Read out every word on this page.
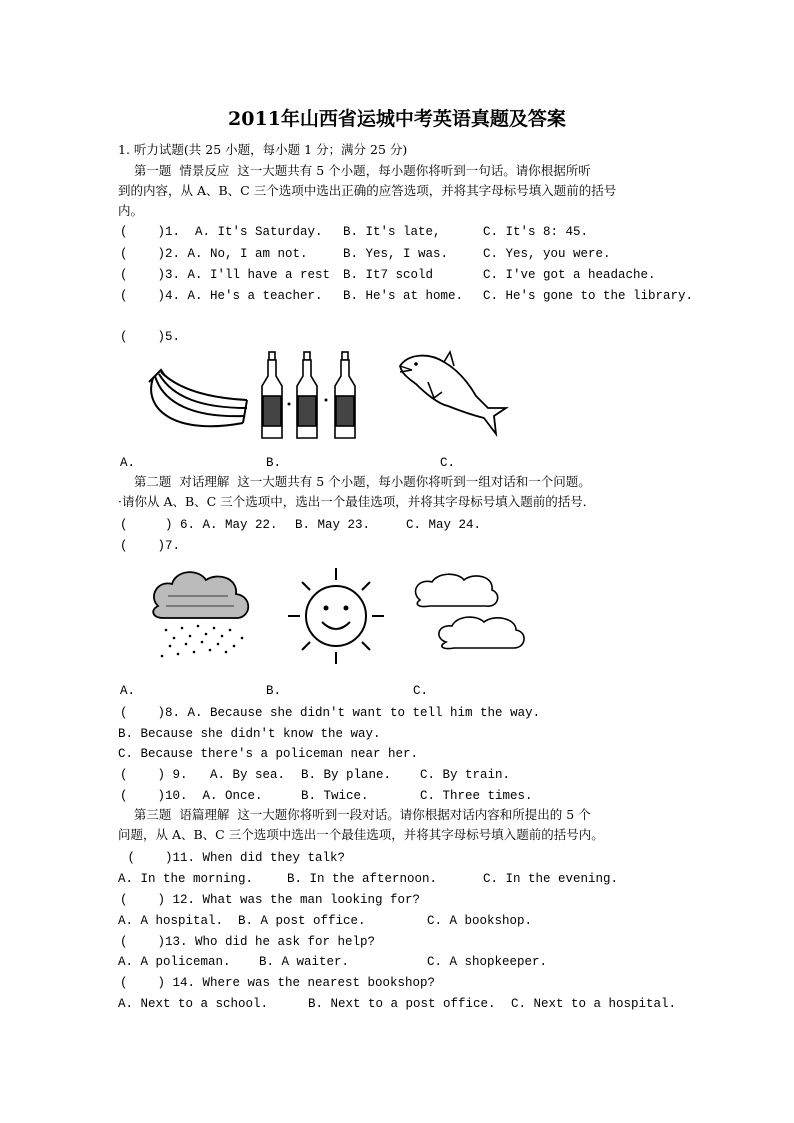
2011年山西省运城中考英语真题及答案
1. 听力试题(共 25 小题，每小题 1 分；满分 25 分)
第一题  情景反应  这一大题共有 5 个小题，每小题你将听到一句话。请你根据所听
到的内容，从 A、B、C 三个选项中选出正确的应答选项，并将其字母标号填入题前的括号
内。
(    )1.  A. It's Saturday. B. It's late,	C. It's 8: 45.
(    )2. A. No, I am not.	B. Yes, I was.	C. Yes, you were.
(    )3. A. I'll have a rest B. It7 scold	C. I've got a headache.
(    )4. A. He's a teacher. B. He's at home. C. He's gone to the library.
(    )5.
A.	B.	C.
第二题  对话理解  这一大题共有 5 个小题，每小题你将听到一组对话和一个问题。
·请你从 A、B、C 三个选项中，选出一个最佳选项，并将其字母标号填入题前的括号．
(     ) 6. A. May 22. B. May 23.	C. May 24.
(    )7.
A.	B.	C.
(    )8. A. Because she didn't want to tell him the way.
B. Because she didn't know the way.
C. Because there's a policeman near her.
(    ) 9.   A. By sea. B. By plane. C. By train.
(    )10.  A. Once.	B. Twice.	C. Three times.
第三题  语篇理解  这一大题你将听到一段对话。请你根据对话内容和所提出的 5 个
问题，从 A、B、C 三个选项中选出一个最佳选项，并将其字母标号填入题前的括号内。
(    )11. When did they talk?
A. In the morning.	B. In the afternoon.	C. In the evening.
(    ) 12. What was the man looking for?
A. A hospital.  B. A post office.	C. A bookshop.
(    )13. Who did he ask for help?
A. A policeman. B. A waiter.	C. A shopkeeper.
(    ) 14. Where was the nearest bookshop?
A. Next to a school.	B. Next to a post office. C. Next to a hospital.
